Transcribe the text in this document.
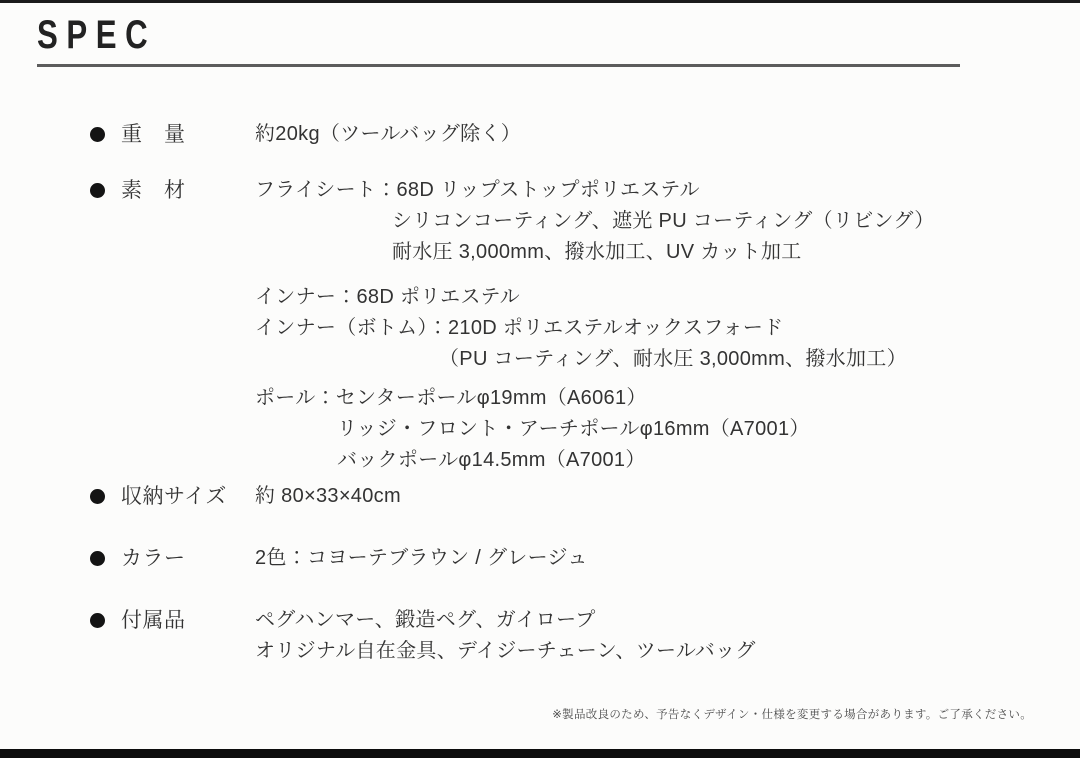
SPEC
重　量	約20kg（ツールバッグ除く）

素　材	フライシート：68D リップストップポリエステル

シリコンコーティング、遮光 PU コーティング（リビング）

耐水圧 3,000mm、撥水加工、UV カット加工

インナー：68D ポリエステル

インナー（ボトム）：210D ポリエステルオックスフォード

（PU コーティング、耐水圧 3,000mm、撥水加工）

ポール：センターポールφ19mm（A6061）

リッジ・フロント・アーチポールφ16mm（A7001）

バックポールφ14.5mm（A7001）

収納サイズ 約 80×33×40cm

カラー	2色：コヨーテブラウン / グレージュ

付属品	ペグハンマー、鍛造ペグ、ガイロープ

オリジナル自在金具、デイジーチェーン、ツールバッグ

※製品改良のため、予告なくデザイン・仕様を変更する場合があります。ご了承ください。
